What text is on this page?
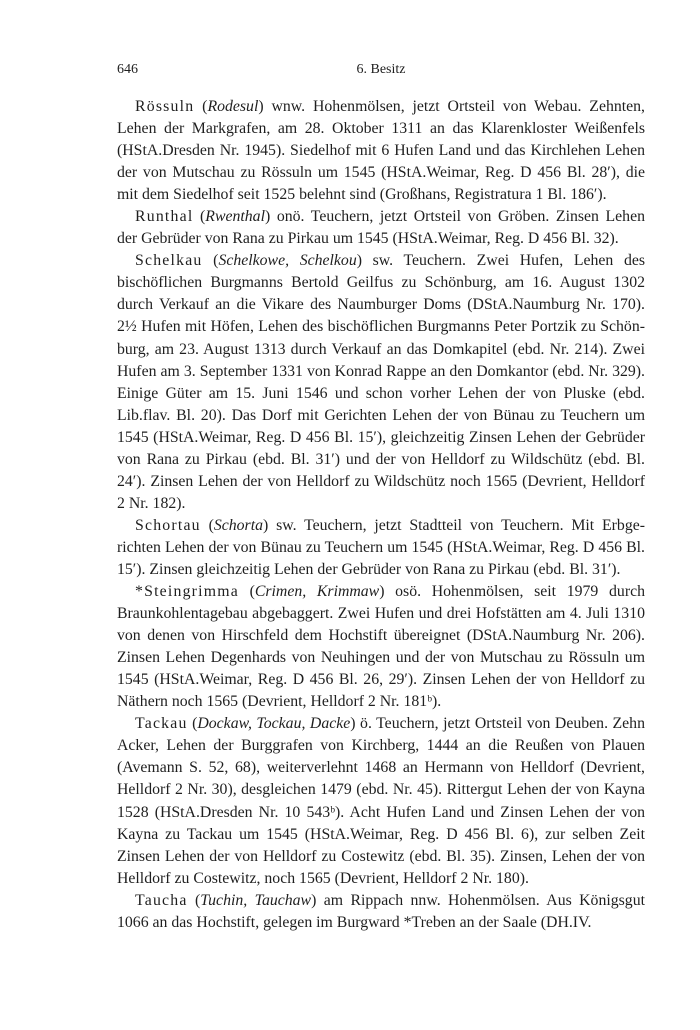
646	6. Besitz

Rössuln (Rodesul) wnw. Hohenmölsen, jetzt Ortsteil von Webau. Zehnten, Lehen der Markgrafen, am 28. Oktober 1311 an das Klarenkloster Weißenfels (HStA.Dresden Nr. 1945). Siedelhof mit 6 Hufen Land und das Kirchlehen Lehen der von Mutschau zu Rössuln um 1545 (HStA.Weimar, Reg. D 456 Bl. 28′), die mit dem Siedelhof seit 1525 belehnt sind (Großhans, Registratura 1 Bl. 186′).

Runthal (Rwenthal) onö. Teuchern, jetzt Ortsteil von Gröben. Zinsen Lehen der Gebrüder von Rana zu Pirkau um 1545 (HStA.Weimar, Reg. D 456 Bl. 32).

Schelkau (Schelkowe, Schelkou) sw. Teuchern. Zwei Hufen, Lehen des bischöflichen Burgmanns Bertold Geilfus zu Schönburg, am 16. August 1302 durch Verkauf an die Vikare des Naumburger Doms (DStA.Naumburg Nr. 170). 2½ Hufen mit Höfen, Lehen des bischöflichen Burgmanns Peter Portzik zu Schönburg, am 23. August 1313 durch Verkauf an das Domkapitel (ebd. Nr. 214). Zwei Hufen am 3. September 1331 von Konrad Rappe an den Domkantor (ebd. Nr. 329). Einige Güter am 15. Juni 1546 und schon vorher Lehen der von Pluske (ebd. Lib.flav. Bl. 20). Das Dorf mit Gerichten Lehen der von Bünau zu Teuchern um 1545 (HStA.Weimar, Reg. D 456 Bl. 15′), gleichzeitig Zinsen Lehen der Gebrüder von Rana zu Pirkau (ebd. Bl. 31′) und der von Helldorf zu Wildschütz (ebd. Bl. 24′). Zinsen Lehen der von Helldorf zu Wildschütz noch 1565 (Devrient, Helldorf 2 Nr. 182).

Schortau (Schorta) sw. Teuchern, jetzt Stadtteil von Teuchern. Mit Erbgerichten Lehen der von Bünau zu Teuchern um 1545 (HStA.Weimar, Reg. D 456 Bl. 15′). Zinsen gleichzeitig Lehen der Gebrüder von Rana zu Pirkau (ebd. Bl. 31′).

*Steingrimma (Crimen, Krimmaw) osö. Hohenmölsen, seit 1979 durch Braunkohlentagebau abgebaggert. Zwei Hufen und drei Hofstätten am 4. Juli 1310 von denen von Hirschfeld dem Hochstift übereignet (DStA.Naumburg Nr. 206). Zinsen Lehen Degenhards von Neuhingen und der von Mutschau zu Rössuln um 1545 (HStA.Weimar, Reg. D 456 Bl. 26, 29′). Zinsen Lehen der von Helldorf zu Näthern noch 1565 (Devrient, Helldorf 2 Nr. 181ᵇ).

Tackau (Dockaw, Tockau, Dacke) ö. Teuchern, jetzt Ortsteil von Deuben. Zehn Acker, Lehen der Burggrafen von Kirchberg, 1444 an die Reußen von Plauen (Avemann S. 52, 68), weiterverlehnt 1468 an Hermann von Helldorf (Devrient, Helldorf 2 Nr. 30), desgleichen 1479 (ebd. Nr. 45). Rittergut Lehen der von Kayna 1528 (HStA.Dresden Nr. 10 543ᵇ). Acht Hufen Land und Zinsen Lehen der von Kayna zu Tackau um 1545 (HStA.Weimar, Reg. D 456 Bl. 6), zur selben Zeit Zinsen Lehen der von Helldorf zu Costewitz (ebd. Bl. 35). Zinsen, Lehen der von Helldorf zu Costewitz, noch 1565 (Devrient, Helldorf 2 Nr. 180).

Taucha (Tuchin, Tauchaw) am Rippach nnw. Hohenmölsen. Aus Königsgut 1066 an das Hochstift, gelegen im Burgward *Treben an der Saale (DH.IV.
